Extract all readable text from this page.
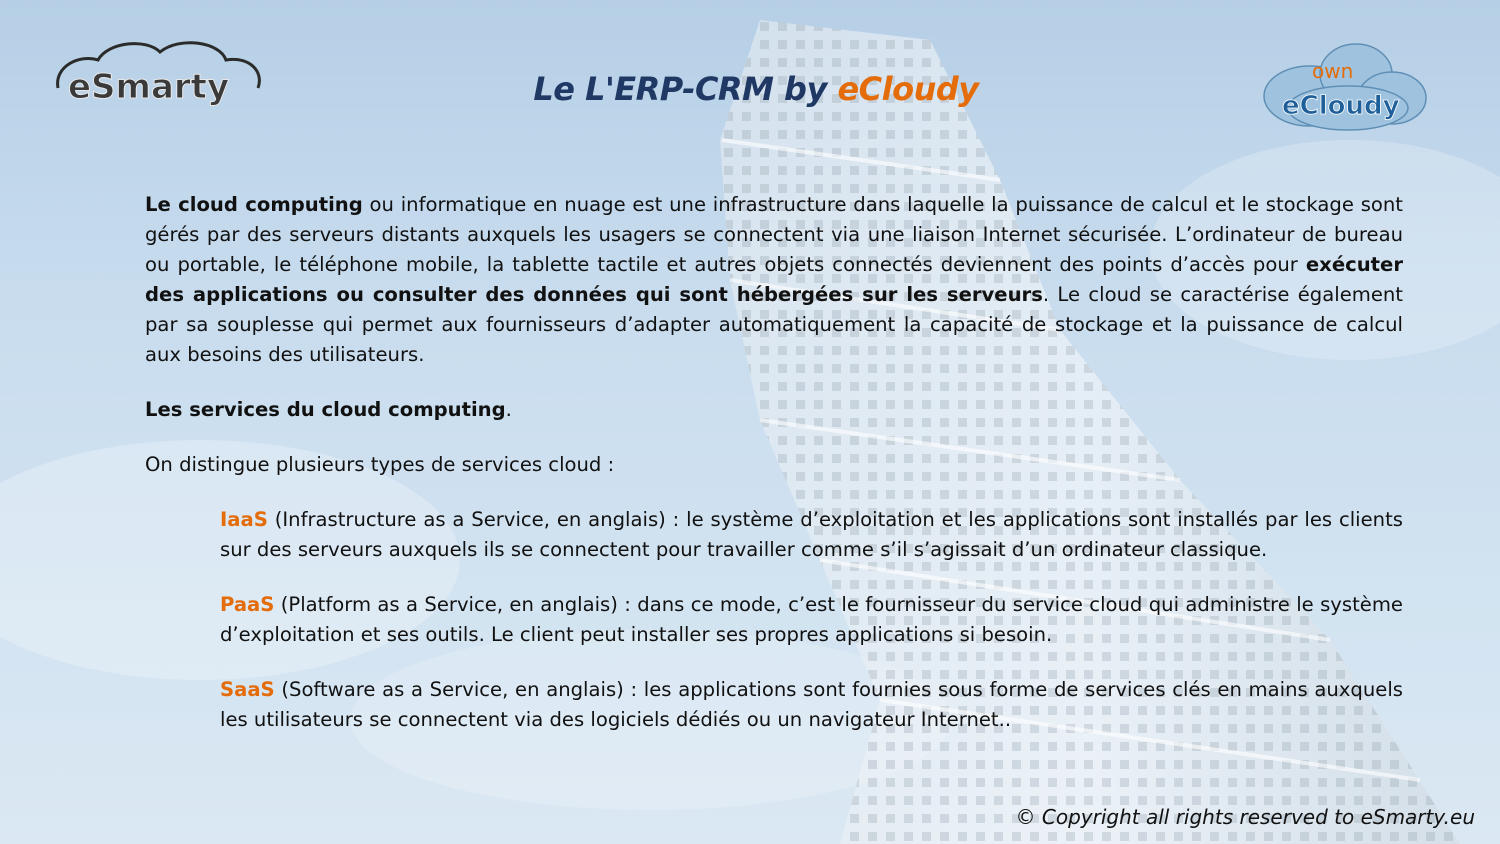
eSmarty	Le L'ERP-CRM by eCloudy	own
eCloudy

Le cloud computing ou informatique en nuage est une infrastructure dans laquelle la puissance de calcul et le stockage sont gérés par des serveurs distants auxquels les usagers se connectent via une liaison Internet sécurisée. L’ordinateur de bureau ou portable, le téléphone mobile, la tablette tactile et autres objets connectés deviennent des points d’accès pour exécuter des applications ou consulter des données qui sont hébergées sur les serveurs. Le cloud se caractérise également par sa souplesse qui permet aux fournisseurs d’adapter automatiquement la capacité de stockage et la puissance de calcul aux besoins des utilisateurs.

Les services du cloud computing.

On distingue plusieurs types de services cloud :

IaaS (Infrastructure as a Service, en anglais) : le système d’exploitation et les applications sont installés par les clients sur des serveurs auxquels ils se connectent pour travailler comme s’il s’agissait d’un ordinateur classique.

PaaS (Platform as a Service, en anglais) : dans ce mode, c’est le fournisseur du service cloud qui administre le système d’exploitation et ses outils. Le client peut installer ses propres applications si besoin.

SaaS (Software as a Service, en anglais) : les applications sont fournies sous forme de services clés en mains auxquels les utilisateurs se connectent via des logiciels dédiés ou un navigateur Internet..

© Copyright all rights reserved to eSmarty.eu
